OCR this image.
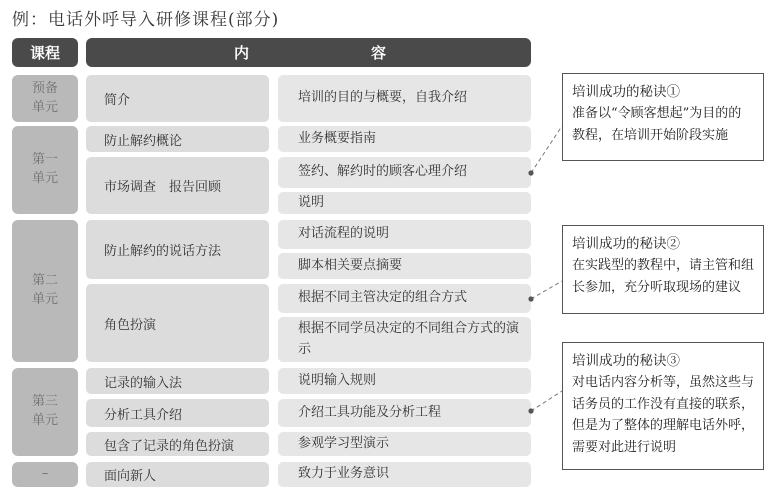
例：电话外呼导入研修课程(部分)
课程	内	容
预备单元
第一单元
第二单元
第三单元
–
简介
防止解约概论
市场调查　报告回顾
防止解约的说话方法
角色扮演
记录的输入法
分析工具介绍
包含了记录的角色扮演
面向新人
培训的目的与概要，自我介绍
业务概要指南
签约、解约时的顾客心理介绍
说明
对话流程的说明
脚本相关要点摘要
根据不同主管决定的组合方式
根据不同学员决定的不同组合方式的演示
说明输入规则
介绍工具功能及分析工程
参观学习型演示
致力于业务意识
培训成功的秘诀①
准备以“令顾客想起”为目的的教程，在培训开始阶段实施
培训成功的秘诀②
在实践型的教程中，请主管和组长参加，充分听取现场的建议
培训成功的秘诀③
对电话内容分析等，虽然这些与话务员的工作没有直接的联系，但是为了整体的理解电话外呼，需要对此进行说明
